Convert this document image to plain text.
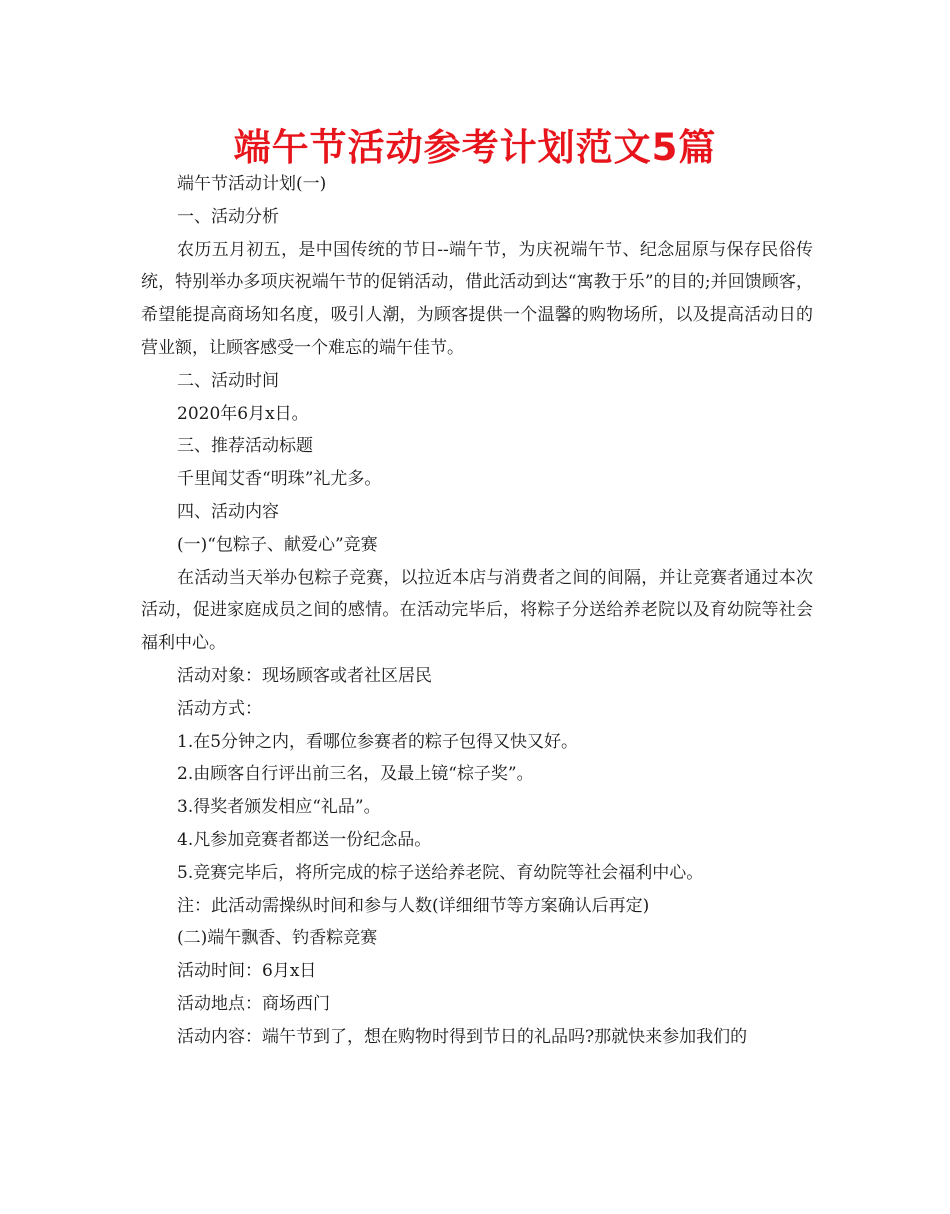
端午节活动参考计划范文5篇

端午节活动计划(一)

一、活动分析

农历五月初五，是中国传统的节日--端午节，为庆祝端午节、纪念屈原与保存民俗传统，特别举办多项庆祝端午节的促销活动，借此活动到达“寓教于乐”的目的;并回馈顾客，希望能提高商场知名度，吸引人潮，为顾客提供一个温馨的购物场所，以及提高活动日的营业额，让顾客感受一个难忘的端午佳节。

二、活动时间

2020年6月x日。

三、推荐活动标题

千里闻艾香“明珠”礼尤多。

四、活动内容

(一)“包粽子、献爱心”竞赛

在活动当天举办包粽子竞赛，以拉近本店与消费者之间的间隔，并让竞赛者通过本次活动，促进家庭成员之间的感情。在活动完毕后，将粽子分送给养老院以及育幼院等社会福利中心。

活动对象：现场顾客或者社区居民

活动方式：

1.在5分钟之内，看哪位参赛者的粽子包得又快又好。

2.由顾客自行评出前三名，及最上镜“棕子奖”。

3.得奖者颁发相应“礼品”。

4.凡参加竞赛者都送一份纪念品。

5.竞赛完毕后，将所完成的棕子送给养老院、育幼院等社会福利中心。

注：此活动需操纵时间和参与人数(详细细节等方案确认后再定)

(二)端午飘香、钓香粽竞赛

活动时间：6月x日

活动地点：商场西门

活动内容：端午节到了，想在购物时得到节日的礼品吗?那就快来参加我们的
